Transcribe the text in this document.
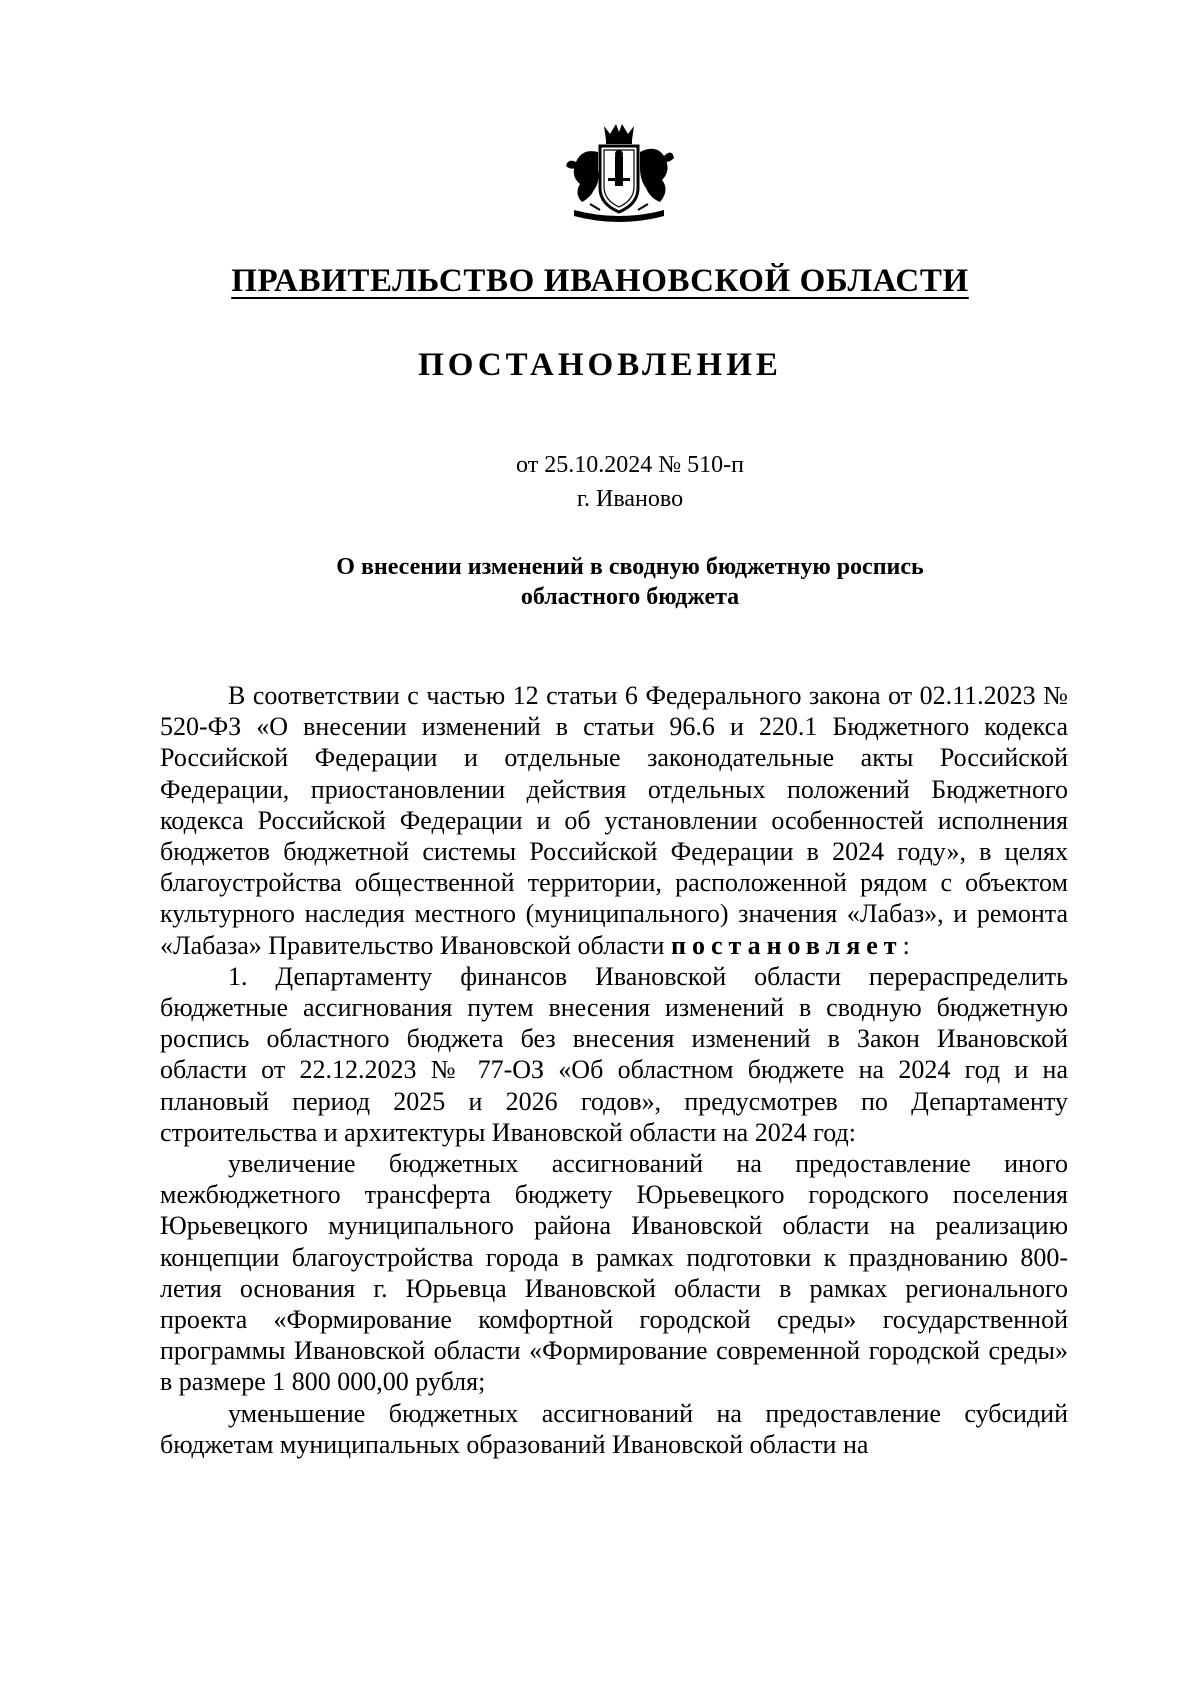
ПРАВИТЕЛЬСТВО ИВАНОВСКОЙ ОБЛАСТИ
ПОСТАНОВЛЕНИЕ
от 25.10.2024 № 510-п
г. Иваново
О внесении изменений в сводную бюджетную роспись
областного бюджета

В соответствии с частью 12 статьи 6 Федерального закона от 02.11.2023 № 520-ФЗ «О внесении изменений в статьи 96.6 и 220.1 Бюджетного кодекса Российской Федерации и отдельные законодательные акты Российской Федерации, приостановлении действия отдельных положений Бюджетного кодекса Российской Федерации и об установлении особенностей исполнения бюджетов бюджетной системы Российской Федерации в 2024 году», в целях благоустройства общественной территории, расположенной рядом с объектом культурного наследия местного (муниципального) значения «Лабаз», и ремонта «Лабаза» Правительство Ивановской области постановляет:

1. Департаменту финансов Ивановской области перераспределить бюджетные ассигнования путем внесения изменений в сводную бюджетную роспись областного бюджета без внесения изменений в Закон Ивановской области от 22.12.2023 № 77-ОЗ «Об областном бюджете на 2024 год и на плановый период 2025 и 2026 годов», предусмотрев по Департаменту строительства и архитектуры Ивановской области на 2024 год:

увеличение бюджетных ассигнований на предоставление иного межбюджетного трансферта бюджету Юрьевецкого городского поселения Юрьевецкого муниципального района Ивановской области на реализацию концепции благоустройства города в рамках подготовки к празднованию 800-летия основания г. Юрьевца Ивановской области в рамках регионального проекта «Формирование комфортной городской среды» государственной программы Ивановской области «Формирование современной городской среды» в размере 1 800 000,00 рубля;

уменьшение бюджетных ассигнований на предоставление субсидий бюджетам муниципальных образований Ивановской области на
